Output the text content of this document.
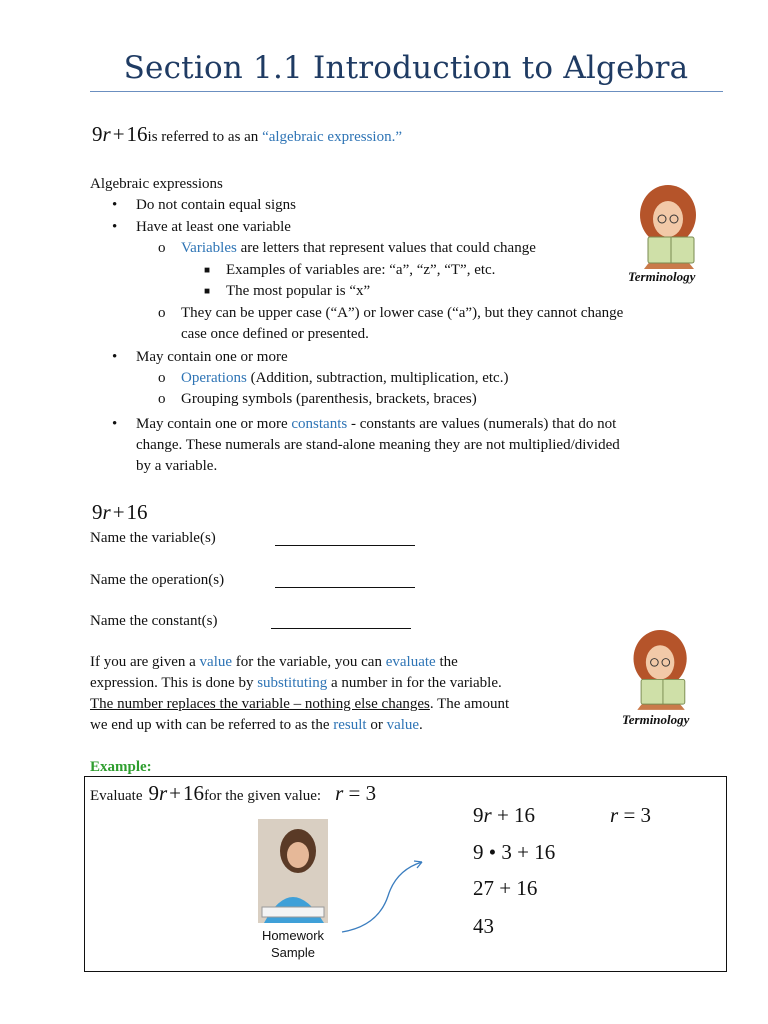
Section 1.1 Introduction to Algebra
9r+16is referred to as an “algebraic expression.”
Algebraic expressions
• Do not contain equal signs
• Have at least one variable
o Variables are letters that represent values that could change
■ Examples of variables are: “a”, “z”, “T”, etc.
■ The most popular is “x”
o They can be upper case (“A”) or lower case (“a”), but they cannot change
case once defined or presented.
• May contain one or more
o Operations (Addition, subtraction, multiplication, etc.)
o Grouping symbols (parenthesis, brackets, braces)
• May contain one or more constants - constants are values (numerals) that do not
change. These numerals are stand-alone meaning they are not multiplied/divided
by a variable.
Terminology
9r+16
Name the variable(s)
Name the operation(s)
Name the constant(s)
If you are given a value for the variable, you can evaluate the
expression. This is done by substituting a number in for the variable.
The number replaces the variable – nothing else changes. The amount
we end up with can be referred to as the result or value.	Terminology
Example:
Evaluate 9r+16for the given value: r = 3
Homework
Sample
9r + 16	r = 3
9 • 3 + 16
27 + 16
43
